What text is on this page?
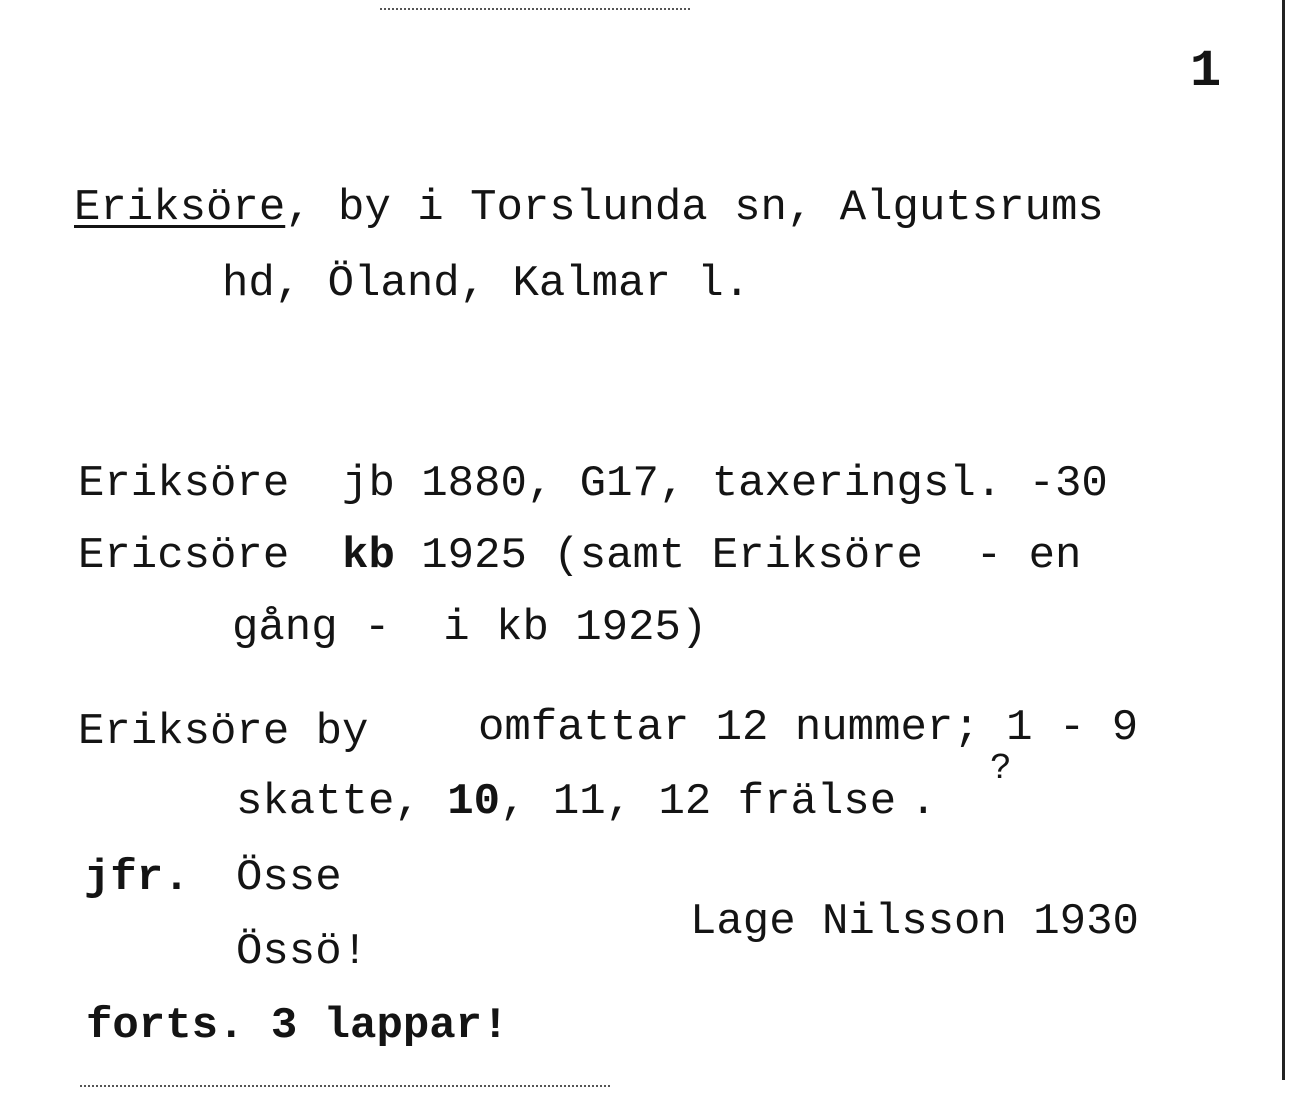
1
Eriksöre, by i Torslunda sn, Algutsrums
hd, Öland, Kalmar l.
Eriksöre jb 1880, G17, taxeringsl. -30
Ericsöre kb 1925 (samt Eriksöre  - en
gång -  i kb 1925)
Eriksöre by omfattar 12 nummer; 1 - 9
skatte, 10, 11, 12 frälse .
?
jfr. Össe
Össö!
Lage Nilsson 1930
forts. 3 lappar!
